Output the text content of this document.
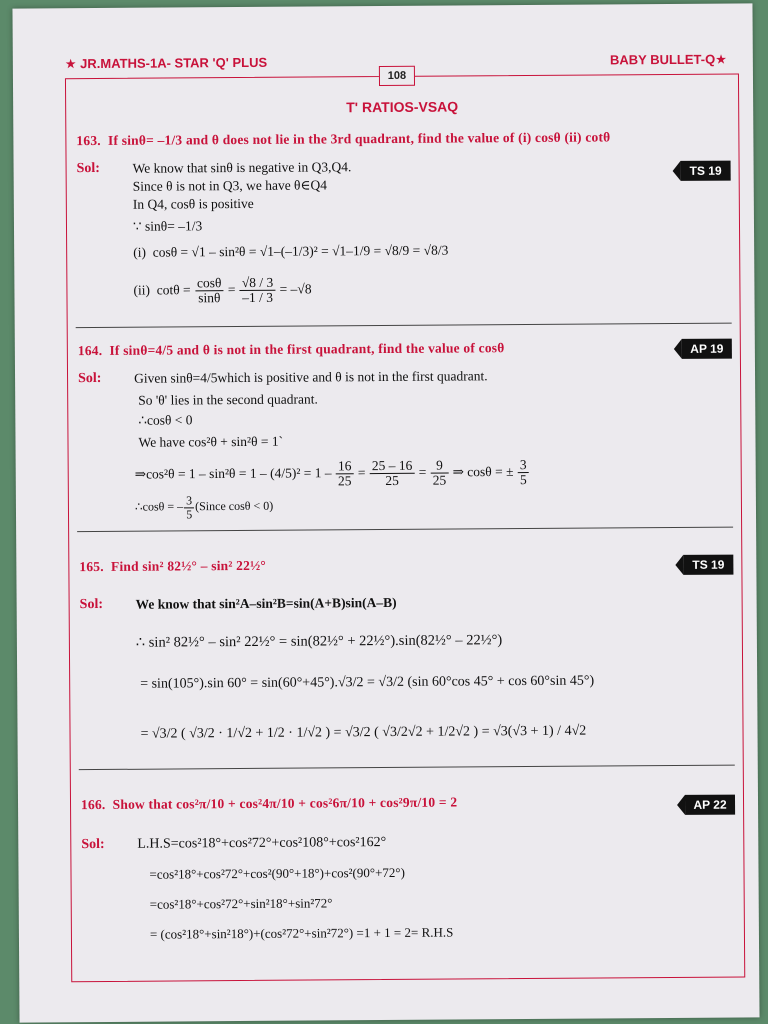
★ JR.MATHS-1A- STAR 'Q' PLUS	BABY BULLET-Q★
T' RATIOS-VSAQ
163. If sinθ= –1/3 and θ does not lie in the 3rd quadrant, find the value of (i) cosθ (ii) cotθ
Sol:	TS 19
We know that sinθ is negative in Q3,Q4.
Since θ is not in Q3, we have θ∈Q4
In Q4, cosθ is positive
∵ sinθ= –1/3
(i) cosθ = √1 – sin²θ = √1–(–1/3)² = √1–1/9 = √8/9 = √8/3
(ii) $\cot\theta = \frac{\cos\theta}{\sin\theta} = \frac{√8 / 3}{-1 / 3} = -√8$
164. If sinθ=4/5 and θ is not in the first quadrant, find the value of cosθ	AP 19
Sol: Given sinθ=4/5which is positive and θ is not in the first quadrant.
So 'θ' lies in the second quadrant.
∴cosθ < 0
We have cos²θ + sin²θ = 1`
⇒cos²θ = $1 - \sin^2\theta = 1 - (4/5)^2 = 1 - \frac{16}{25} = \frac{25 - 16}{25} = \frac{9}{25}$ ⇒ cosθ = ± $\frac{3}{5}$
∴cosθ = – $\frac{3}{5}$ (Since cosθ < 0)
165. Find sin² 82½° – sin² 22½°	TS 19
Sol: We know that sin²A–sin²B=sin(A+B)sin(A–B)
∴ sin² 82½° – sin² 22½° = sin(82½° + 22½°).sin(82½° – 22½°)
= sin(105°).sin 60° = sin(60°+45°).√3/2 = √3/2 (sin 60°cos 45° + cos 60°sin 45°)
= √3/2 ( √3/2 · 1/√2 + 1/2 · 1/√2 ) = √3/2 ( √3/2√2 + 1/2√2 ) = √3(√3 + 1) / 4√2
166. Show that cos²π/10 + cos²4π/10 + cos²6π/10 + cos²9π/10 = 2	AP 22
Sol: L.H.S=cos²18°+cos²72°+cos²108°+cos²162°
=cos²18°+cos²72°+cos²(90°+18°)+cos²(90°+72°)
=cos²18°+cos²72°+sin²18°+sin²72°
= (cos²18°+sin²18°)+(cos²72°+sin²72°) =1 + 1 = 2= R.H.S
108
